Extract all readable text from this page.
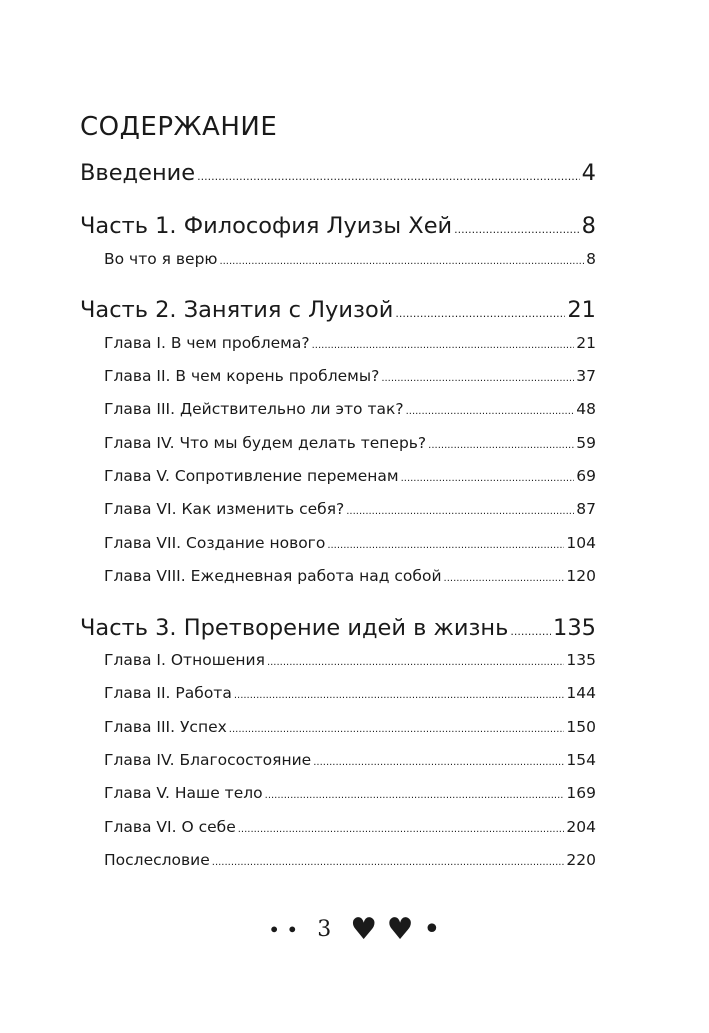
СОДЕРЖАНИЕ
Введение .....	4
Часть 1. Философия Луизы Хей .....	8
Во что я верю .....	8
Часть 2. Занятия с Луизой .....	21
Глава I. В чем проблема? .....	21
Глава II. В чем корень проблемы? .....	37
Глава III. Действительно ли это так? .....	48
Глава IV. Что мы будем делать теперь? .....	59
Глава V. Сопротивление переменам .....	69
Глава VI. Как изменить себя? .....	87
Глава VII. Создание нового .....	104
Глава VIII. Ежедневная работа над собой .....	120
Часть 3. Претворение идей в жизнь ..... 135
Глава I. Отношения .....	135
Глава II. Работа .....	144
Глава III. Успех .....	150
Глава IV. Благосостояние .....	154
Глава V. Наше тело .....	169
Глава VI. О себе .....	204
Послесловие .....	220
• • 3 ♥ ♥ •
